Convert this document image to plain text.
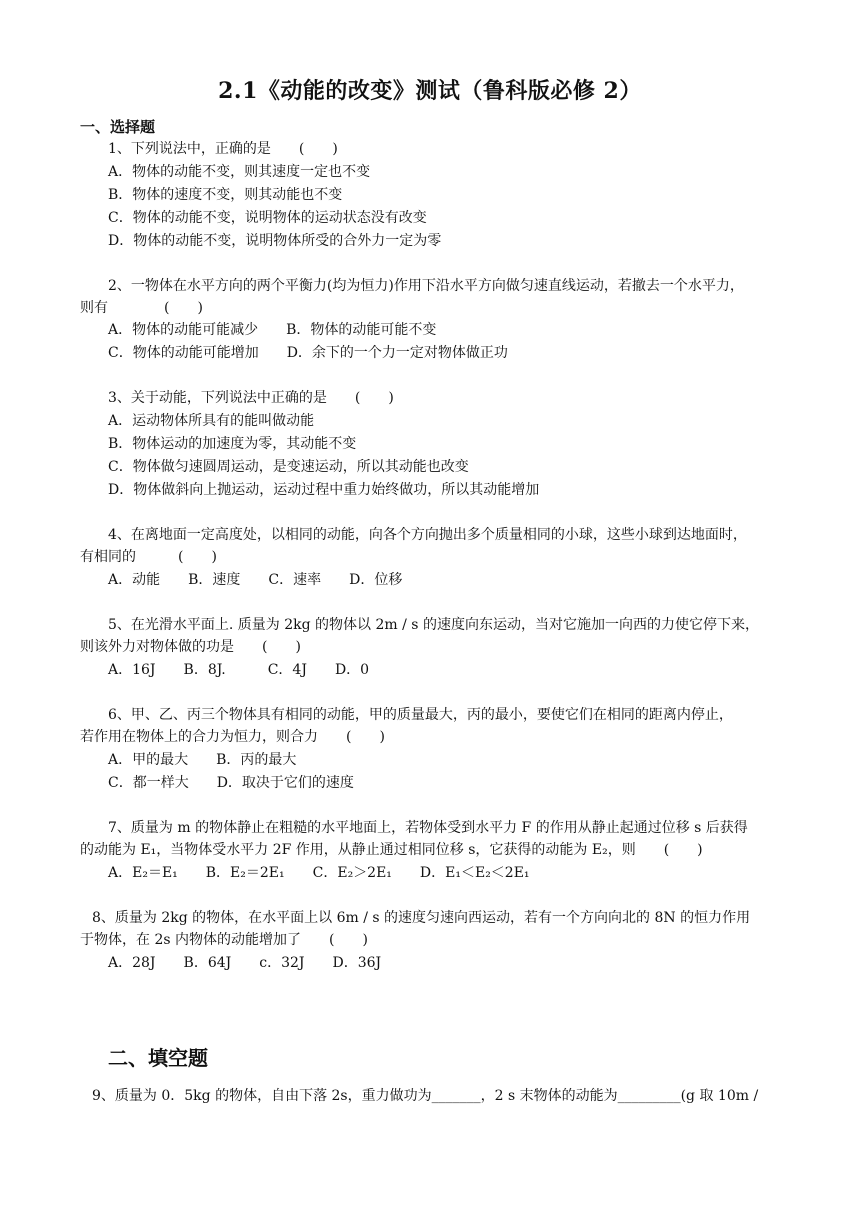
2.1《动能的改变》测试（鲁科版必修 2）
一、选择题
1、下列说法中，正确的是　　(　　)
A．物体的动能不变，则其速度一定也不变
B．物体的速度不变，则其动能也不变
C．物体的动能不变，说明物体的运动状态没有改变
D．物体的动能不变，说明物体所受的合外力一定为零
2、一物体在水平方向的两个平衡力(均为恒力)作用下沿水平方向做匀速直线运动，若撤去一个水平力，
则有　　　　(　　)
A．物体的动能可能减少　　B．物体的动能可能不变
C．物体的动能可能增加　　D．余下的一个力一定对物体做正功
3、关于动能，下列说法中正确的是　　(　　)
A．运动物体所具有的能叫做动能
B．物体运动的加速度为零，其动能不变
C．物体做匀速圆周运动，是变速运动，所以其动能也改变
D．物体做斜向上抛运动，运动过程中重力始终做功，所以其动能增加
4、在离地面一定高度处，以相同的动能，向各个方向抛出多个质量相同的小球，这些小球到达地面时，
有相同的　　　(　　)
A．动能　　B．速度　　C．速率　　D．位移
5、在光滑水平面上. 质量为 2kg 的物体以 2m / s 的速度向东运动，当对它施加一向西的力使它停下来，
则该外力对物体做的功是　　(　　)
A．16J　　B．8J.　　　C．4J　　D．0
6、甲、乙、丙三个物体具有相同的动能，甲的质量最大，丙的最小，要使它们在相同的距离内停止，
若作用在物体上的合力为恒力，则合力　　(　　)
A．甲的最大　　B．丙的最大
C．都一样大　　D．取决于它们的速度
7、质量为 m 的物体静止在粗糙的水平地面上，若物体受到水平力 F 的作用从静止起通过位移 s 后获得
的动能为 E₁，当物体受水平力 2F 作用，从静止通过相同位移 s，它获得的动能为 E₂，则　　(　　)
A．E₂＝E₁　　B．E₂＝2E₁　　C．E₂＞2E₁　　D．E₁＜E₂＜2E₁
8、质量为 2kg 的物体，在水平面上以 6m / s 的速度匀速向西运动，若有一个方向向北的 8N 的恒力作用
于物体，在 2s 内物体的动能增加了　　(　　)
A．28J　　B．64J　　c．32J　　D．36J
二、填空题
9、质量为 0．5kg 的物体，自由下落 2s，重力做功为_______，2 s 末物体的动能为_________(g 取 10m /
